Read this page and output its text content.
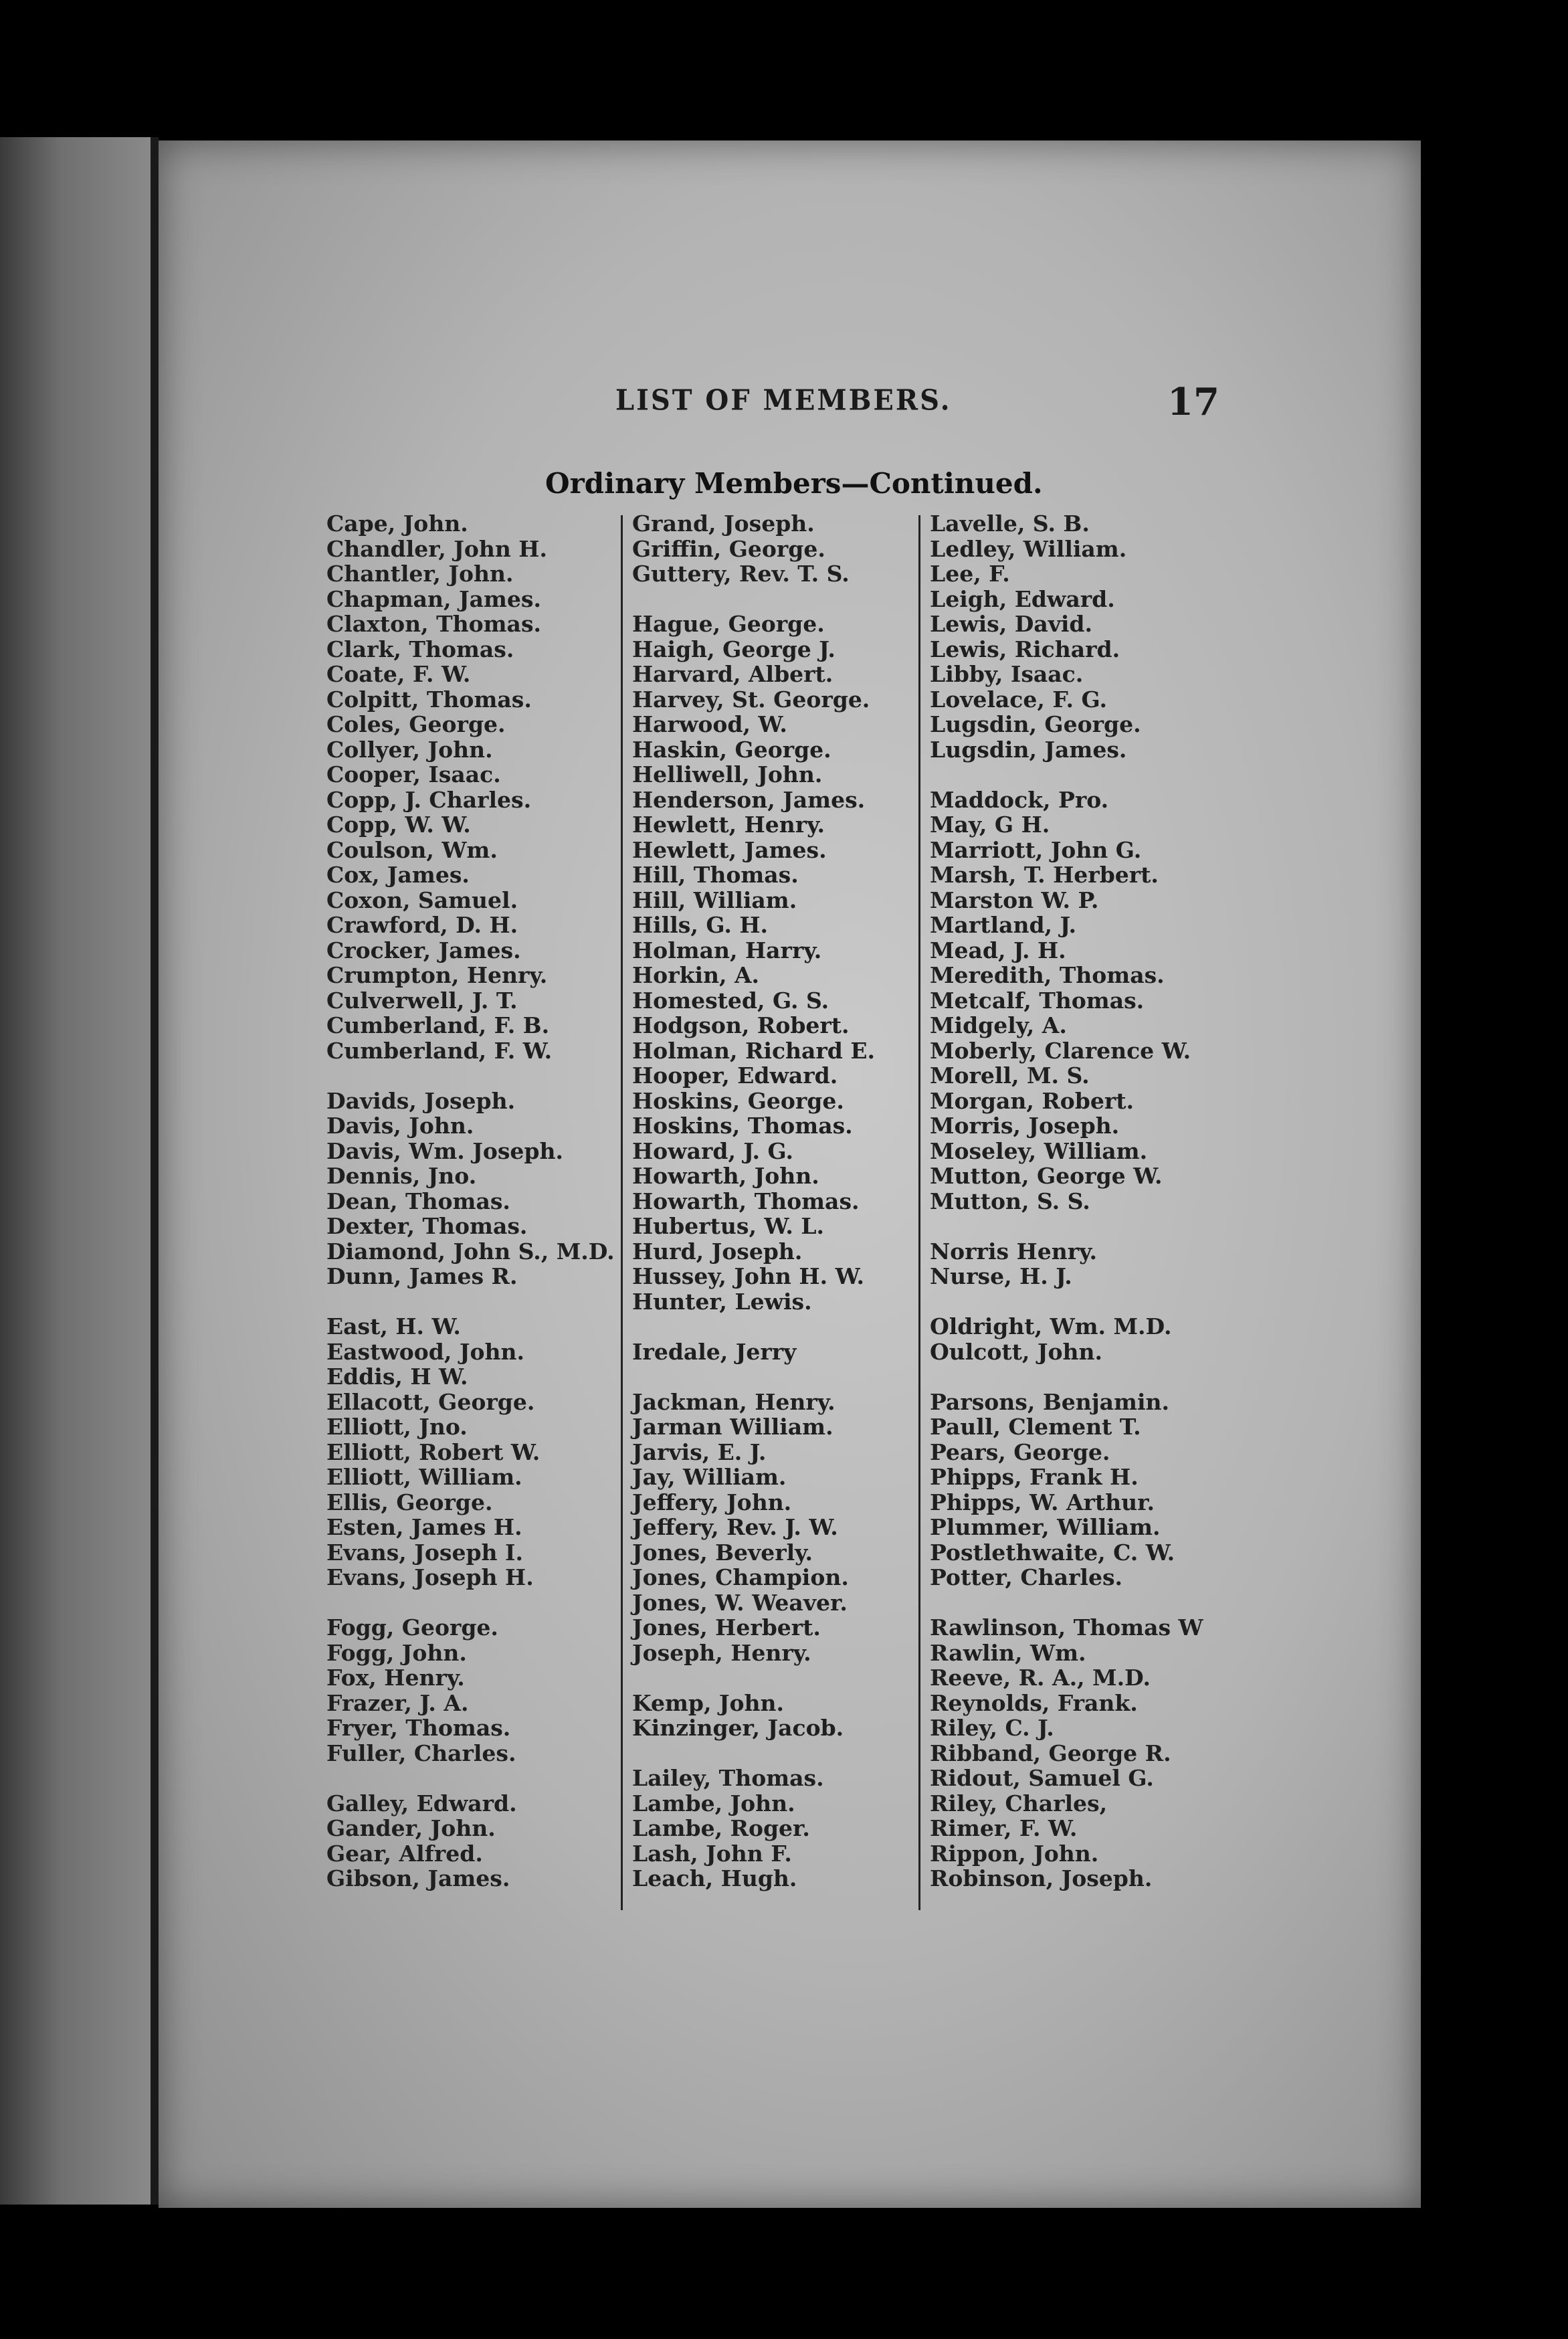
LIST OF MEMBERS.	17
Ordinary Members—Continued.
Cape, John.
Chandler, John H.
Chantler, John.
Chapman, James.
Claxton, Thomas.
Clark, Thomas.
Coate, F. W.
Colpitt, Thomas.
Coles, George.
Collyer, John.
Cooper, Isaac.
Copp, J. Charles.
Copp, W. W.
Coulson, Wm.
Cox, James.
Coxon, Samuel.
Crawford, D. H.
Crocker, James.
Crumpton, Henry.
Culverwell, J. T.
Cumberland, F. B.
Cumberland, F. W.
Davids, Joseph.
Davis, John.
Davis, Wm. Joseph.
Dennis, Jno.
Dean, Thomas.
Dexter, Thomas.
Diamond, John S., M.D.
Dunn, James R.
East, H. W.
Eastwood, John.
Eddis, H W.
Ellacott, George.
Elliott, Jno.
Elliott, Robert W.
Elliott, William.
Ellis, George.
Esten, James H.
Evans, Joseph I.
Evans, Joseph H.
Fogg, George.
Fogg, John.
Fox, Henry.
Frazer, J. A.
Fryer, Thomas.
Fuller, Charles.
Galley, Edward.
Gander, John.
Gear, Alfred.
Gibson, James.
Grand, Joseph.
Griffin, George.
Guttery, Rev. T. S.
Hague, George.
Haigh, George J.
Harvard, Albert.
Harvey, St. George.
Harwood, W.
Haskin, George.
Helliwell, John.
Henderson, James.
Hewlett, Henry.
Hewlett, James.
Hill, Thomas.
Hill, William.
Hills, G. H.
Holman, Harry.
Horkin, A.
Homested, G. S.
Hodgson, Robert.
Holman, Richard E.
Hooper, Edward.
Hoskins, George.
Hoskins, Thomas.
Howard, J. G.
Howarth, John.
Howarth, Thomas.
Hubertus, W. L.
Hurd, Joseph.
Hussey, John H. W.
Hunter, Lewis.
Iredale, Jerry
Jackman, Henry.
Jarman William.
Jarvis, E. J.
Jay, William.
Jeffery, John.
Jeffery, Rev. J. W.
Jones, Beverly.
Jones, Champion.
Jones, W. Weaver.
Jones, Herbert.
Joseph, Henry.
Kemp, John.
Kinzinger, Jacob.
Lailey, Thomas.
Lambe, John.
Lambe, Roger.
Lash, John F.
Leach, Hugh.
Lavelle, S. B.
Ledley, William.
Lee, F.
Leigh, Edward.
Lewis, David.
Lewis, Richard.
Libby, Isaac.
Lovelace, F. G.
Lugsdin, George.
Lugsdin, James.
Maddock, Pro.
May, G H.
Marriott, John G.
Marsh, T. Herbert.
Marston W. P.
Martland, J.
Mead, J. H.
Meredith, Thomas.
Metcalf, Thomas.
Midgely, A.
Moberly, Clarence W.
Morell, M. S.
Morgan, Robert.
Morris, Joseph.
Moseley, William.
Mutton, George W.
Mutton, S. S.
Norris Henry.
Nurse, H. J.
Oldright, Wm. M.D.
Oulcott, John.
Parsons, Benjamin.
Paull, Clement T.
Pears, George.
Phipps, Frank H.
Phipps, W. Arthur.
Plummer, William.
Postlethwaite, C. W.
Potter, Charles.
Rawlinson, Thomas W
Rawlin, Wm.
Reeve, R. A., M.D.
Reynolds, Frank.
Riley, C. J.
Ribband, George R.
Ridout, Samuel G.
Riley, Charles,
Rimer, F. W.
Rippon, John.
Robinson, Joseph.
